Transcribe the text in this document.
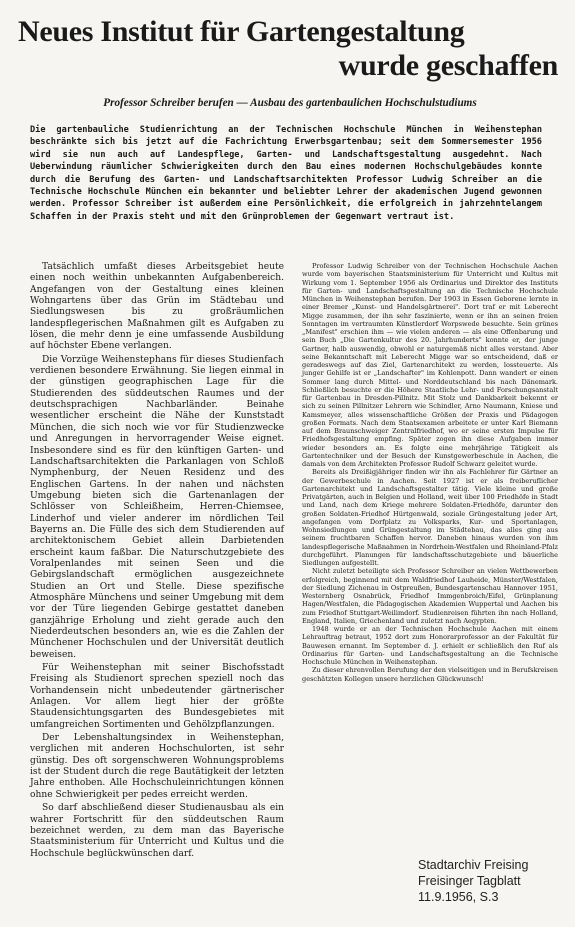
Neues Institut für Gartengestaltung
wurde geschaffen

Professor Schreiber berufen — Ausbau des gartenbaulichen Hochschulstudiums

Die gartenbauliche Studienrichtung an der Technischen Hochschule München in Weihenstephan beschränkte sich bis jetzt auf die Fachrichtung Erwerbsgartenbau; seit dem Sommersemester 1956 wird sie nun auch auf Landespflege, Garten- und Landschaftsgestaltung ausgedehnt. Nach Ueberwindung räumlicher Schwierigkeiten durch den Bau eines modernen Hochschulgebäudes konnte durch die Berufung des Garten- und Landschaftsarchitekten Professor Ludwig Schreiber an die Technische Hochschule München ein bekannter und beliebter Lehrer der akademischen Jugend gewonnen werden. Professor Schreiber ist außerdem eine Persönlichkeit, die erfolgreich in jahrzehntelangem Schaffen in der Praxis steht und mit den Grünproblemen der Gegenwart vertraut ist.

Tatsächlich umfaßt dieses Arbeitsgebiet heute einen noch weithin unbekannten Aufgabenbereich. Angefangen von der Gestaltung eines kleinen Wohngartens über das Grün im Städtebau und Siedlungswesen bis zu großräumlichen landespflegerischen Maßnahmen gilt es Aufgaben zu lösen, die mehr denn je eine umfassende Ausbildung auf höchster Ebene verlangen.

Die Vorzüge Weihenstephans für dieses Studienfach verdienen besondere Erwähnung. Sie liegen einmal in der günstigen geographischen Lage für die Studierenden des süddeutschen Raumes und der deutschsprachigen Nachbarländer. Beinahe wesentlicher erscheint die Nähe der Kunststadt München, die sich noch wie vor für Studienzwecke und Anregungen in hervorragender Weise eignet. Insbesondere sind es für den künftigen Garten- und Landschaftsarchitekten die Parkanlagen von Schloß Nymphenburg, der Neuen Residenz und des Englischen Gartens. In der nahen und nächsten Umgebung bieten sich die Gartenanlagen der Schlösser von Schleißheim, Herren-Chiemsee, Linderhof und vieler anderer im nördlichen Teil Bayerns an. Die Fülle des sich dem Studierenden auf architektonischem Gebiet allein Darbietenden erscheint kaum faßbar. Die Naturschutzgebiete des Voralpenlandes mit seinen Seen und die Gebirgslandschaft ermöglichen ausgezeichnete Studien an Ort und Stelle. Diese spezifische Atmosphäre Münchens und seiner Umgebung mit dem vor der Türe liegenden Gebirge gestattet daneben ganzjährige Erholung und zieht gerade auch den Niederdeutschen besonders an, wie es die Zahlen der Münchener Hochschulen und der Universität deutlich beweisen.

Für Weihenstephan mit seiner Bischofsstadt Freising als Studienort sprechen speziell noch das Vorhandensein nicht unbedeutender gärtnerischer Anlagen. Vor allem liegt hier der größte Staudensichtungsgarten des Bundesgebietes mit umfangreichen Sortimenten und Gehölzpflanzungen.

Der Lebenshaltungsindex in Weihenstephan, verglichen mit anderen Hochschulorten, ist sehr günstig. Des oft sorgenschweren Wohnungsproblems ist der Student durch die rege Bautätigkeit der letzten Jahre enthoben. Alle Hochschuleinrichtungen können ohne Schwierigkeit per pedes erreicht werden.

So darf abschließend dieser Studienausbau als ein wahrer Fortschritt für den süddeutschen Raum bezeichnet werden, zu dem man das Bayerische Staatsministerium für Unterricht und Kultus und die Hochschule beglückwünschen darf.

Professor Ludwig Schreiber von der Technischen Hochschule Aachen wurde vom bayerischen Staatsministerium für Unterricht und Kultus mit Wirkung vom 1. September 1956 als Ordinarius und Direktor des Instituts für Garten- und Landschaftsgestaltung an die Technische Hochschule München in Weihenstephan berufen. Der 1903 in Essen Geborene lernte in einer Bremer „Kunst- und Handelsgärtnerei". Dort traf er mit Leberecht Migge zusammen, der ihn sehr faszinierte, wenn er ihn an seinen freien Sonntagen im vertraumten Künstlerdorf Worpswede besuchte. Sein grünes „Manifest" erschien ihm — wie vielen anderen — als eine Offenbarung und sein Buch „Die Gartenkultur des 20. Jahrhunderts" konnte er, der junge Gartner, halb auswendig, obwohl er naturgemäß nicht alles verstand. Aber seine Bekanntschaft mit Leberecht Migge war so entscheidend, daß er geradeswegs auf das Ziel, Gartenarchitekt zu werden, lossteuerte. Als junger Gehilfe ist er „Landschafter" im Kohlenpott. Dann wandert er einen Sommer lang durch Mittel- und Norddeutschland bis nach Dänemark. Schließlich besuchte er die Höhere Staatliche Lehr- und Forschungsanstalt für Gartenbau in Dresden-Pillnitz. Mit Stolz und Dankbarkeit bekennt er sich zu seinen Pillnitzer Lehrern wie Schindler, Arno Naumann, Kniese und Kamsmeyer, alles wissenschaftliche Größen der Praxis und Pädagogen großen Formats. Nach dem Staatsexamen arbeitete er unter Karl Biemann auf dem Braunschweiger Zentralfriedhof, wo er seine ersten Impulse für Friedhofsgestaltung empfing. Später zogen ihn diese Aufgaben immer wieder besonders an. Es folgte eine mehrjährige Tätigkeit als Gartentechniker und der Besuch der Kunstgewerbeschule in Aachen, die damals von dem Architekten Professor Rudolf Schwarz geleitet wurde.

Bereits als Dreißigjähriger finden wir ihn als Fachlehrer für Gärtner an der Gewerbeschule in Aachen. Seit 1927 ist er als freiberuflicher Gartenarchitekt und Landschaftsgestalter tätig. Viele kleine und große Privatgärten, auch in Belgien und Holland, weit über 100 Friedhöfe in Stadt und Land, nach dem Kriege mehrere Soldaten-Friedhöfe, darunter den großen Soldaten-Friedhof Hürtgenwald, soziale Grüngestaltung jeder Art, angefangen vom Dorfplatz zu Volksparks, Kur- und Sportanlagen, Wohnsiedlungen und Grüngestaltung im Städtebau, das alles ging aus seinem fruchtbaren Schaffen hervor. Daneben hinaus wurden von ihm landespflegerische Maßnahmen in Nordrhein-Westfalen und Rheinland-Pfalz durchgeführt. Planungen für landschaftsschutzgebiete und bäuerliche Siedlungen aufgestellt.

Nicht zuletzt beteiligte sich Professor Schreiber an vielen Wettbewerben erfolgreich, beginnend mit dem Waldfriedhof Lauheide, Münster/Westfalen, der Siedlung Zichenau in Ostpreußen, Bundesgartenschau Hannover 1951, Westernberg Osnabrück, Friedhof Immgenbroich/Eifel, Grünplanung Hagen/Westfalen, die Pädagogischen Akademien Wuppertal und Aachen bis zum Friedhof Stuttgart-Weilimdorf. Studienreisen führten ihn nach Holland, England, Italien, Griechenland und zuletzt nach Aegypten.

1948 wurde er an der Technischen Hochschule Aachen mit einem Lehrauftrag betraut, 1952 dort zum Honorarprofessor an der Fakultät für Bauwesen ernannt. Im September d. J. erhielt er schließlich den Ruf als Ordinarius für Garten- und Landschaftsgestaltung an die Technische Hochschule München in Weihenstephan.

Zu dieser ehrenvollen Berufung der den vielseitigen und in Berufskreisen geschätzten Kollegen unsere herzlichen Glückwunsch!

Stadtarchiv Freising
Freisinger Tagblatt
11.9.1956, S.3
